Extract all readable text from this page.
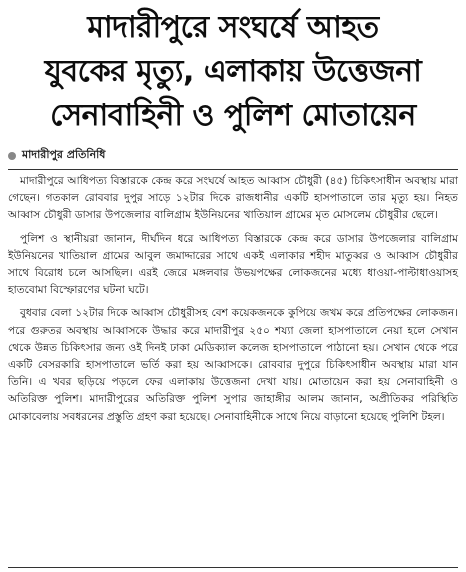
মাদারীপুরে সংঘর্ষে আহত
যুবকের মৃত্যু, এলাকায় উত্তেজনা
সেনাবাহিনী ও পুলিশ মোতায়েন
মাদারীপুর প্রতিনিধি

মাদারীপুরে আধিপত্য বিস্তারকে কেন্দ্র করে সংঘর্ষে আহত আব্বাস চৌধুরী (৪৫) চিকিৎসাধীন অবস্থায় মারা গেছেন। গতকাল রোববার দুপুর সাড়ে ১২টার দিকে রাজধানীর একটি হাসপাতালে তার মৃত্যু হয়। নিহত আব্বাস চৌধুরী ডাসার উপজেলার বালিগ্রাম ইউনিয়নের খাতিয়াল গ্রামের মৃত মোসলেম চৌধুরীর ছেলে।

পুলিশ ও স্থানীয়রা জানান, দীর্ঘদিন ধরে আধিপত্য বিস্তারকে কেন্দ্র করে ডাসার উপজেলার বালিগ্রাম ইউনিয়নের খাতিয়াল গ্রামের আবুল জমাদ্দারের সাথে একই এলাকার শহীদ মাতুব্বর ও আব্বাস চৌধুরীর সাথে বিরোধ চলে আসছিল। এরই জেরে মঙ্গলবার উভয়পক্ষের লোকজনের মধ্যে ধাওয়া-পাল্টাধাওয়াসহ হাতবোমা বিস্ফোরণের ঘটনা ঘটে।

বুধবার বেলা ১২টার দিকে আব্বাস চৌধুরীসহ বেশ কয়েকজনকে কুপিয়ে জখম করে প্রতিপক্ষের লোকজন। পরে গুরুতর অবস্থায় আব্বাসকে উদ্ধার করে মাদারীপুর ২৫০ শয্যা জেলা হাসপাতালে নেয়া হলে সেখান থেকে উন্নত চিকিৎসার জন্য ওই দিনই ঢাকা মেডিক্যাল কলেজ হাসপাতালে পাঠানো হয়। সেখান থেকে পরে একটি বেসরকারি হাসপাতালে ভর্তি করা হয় আব্বাসকে। রোববার দুপুরে চিকিৎসাধীন অবস্থায় মারা যান তিনি। এ খবর ছড়িয়ে পড়লে ফের এলাকায় উত্তেজনা দেখা যায়। মোতায়েন করা হয় সেনাবাহিনী ও অতিরিক্ত পুলিশ। মাদারীপুরের অতিরিক্ত পুলিশ সুপার জাহাঙ্গীর আলম জানান, অপ্রীতিকর পরিস্থিতি মোকাবেলায় সবধরনের প্রস্তুতি গ্রহণ করা হয়েছে। সেনাবাহিনীকে সাথে নিয়ে বাড়ানো হয়েছে পুলিশি টহল।
